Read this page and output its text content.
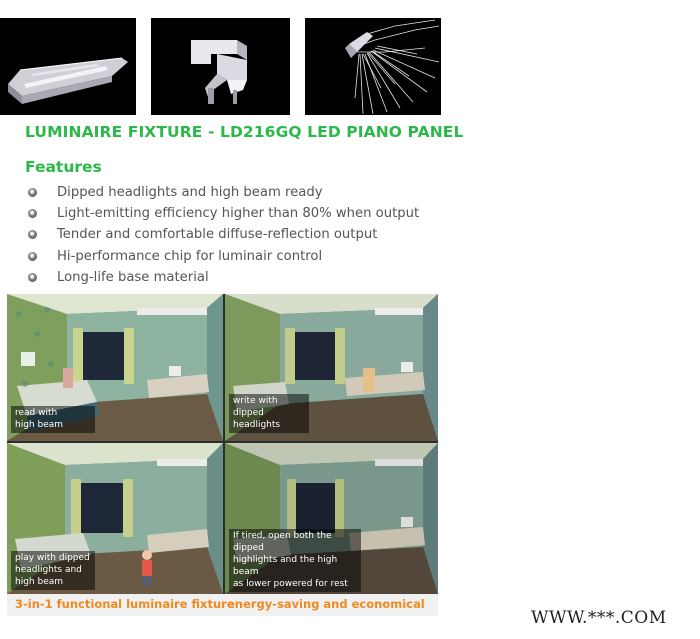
LUMINAIRE FIXTURE - LD216GQ LED PIANO PANEL
Features
Dipped headlights and high beam ready
Light-emitting efficiency higher than 80% when output
Tender and comfortable diffuse-reflection output
Hi-performance chip for luminair control
Long-life base material
read with
high beam
write with dipped
headlights
play with dipped
headlights and
high beam
If tired, open both the dipped
highlights and the high beam
as lower powered for rest
3-in-1 functional luminaire fixture
energy-saving and economical
WWW.***.COM
